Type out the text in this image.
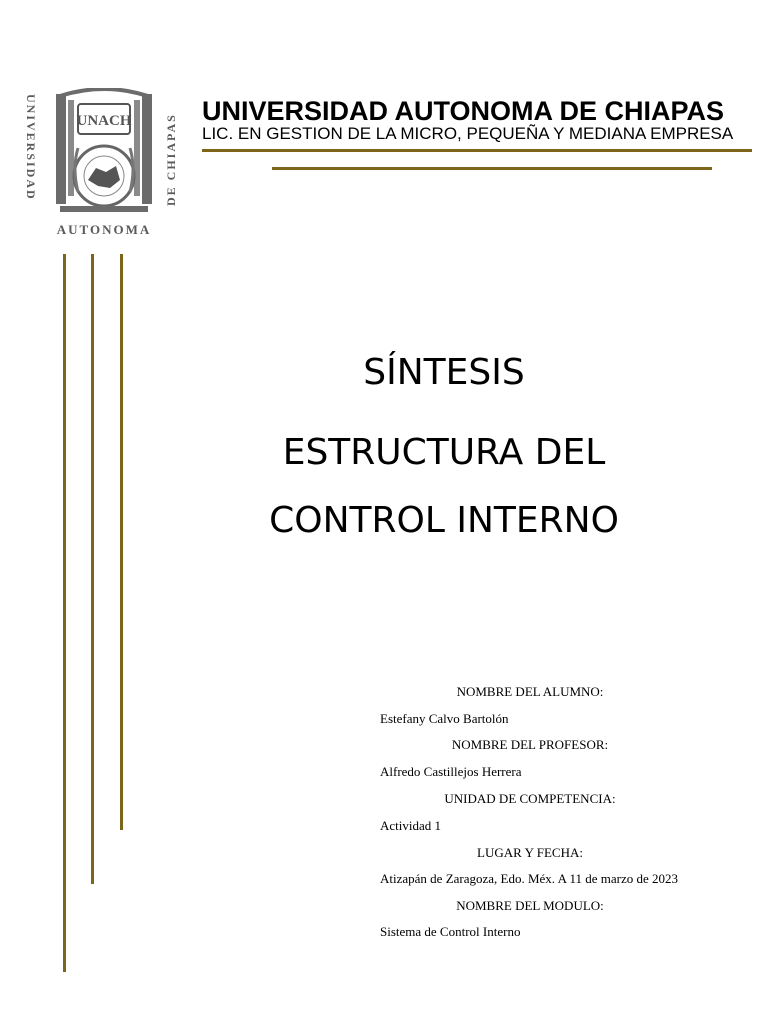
UNACH
UNIVERSIDAD	DE CHIAPAS
AUTONOMA
UNIVERSIDAD AUTONOMA DE CHIAPAS
LIC. EN GESTION DE LA MICRO, PEQUEÑA Y MEDIANA EMPRESA
SÍNTESIS
ESTRUCTURA DEL
CONTROL INTERNO
NOMBRE DEL ALUMNO:
Estefany Calvo Bartolón
NOMBRE DEL PROFESOR:
Alfredo Castillejos Herrera
UNIDAD DE COMPETENCIA:
Actividad 1
LUGAR Y FECHA:
Atizapán de Zaragoza, Edo. Méx. A 11 de marzo de 2023
NOMBRE DEL MODULO:
Sistema de Control Interno
